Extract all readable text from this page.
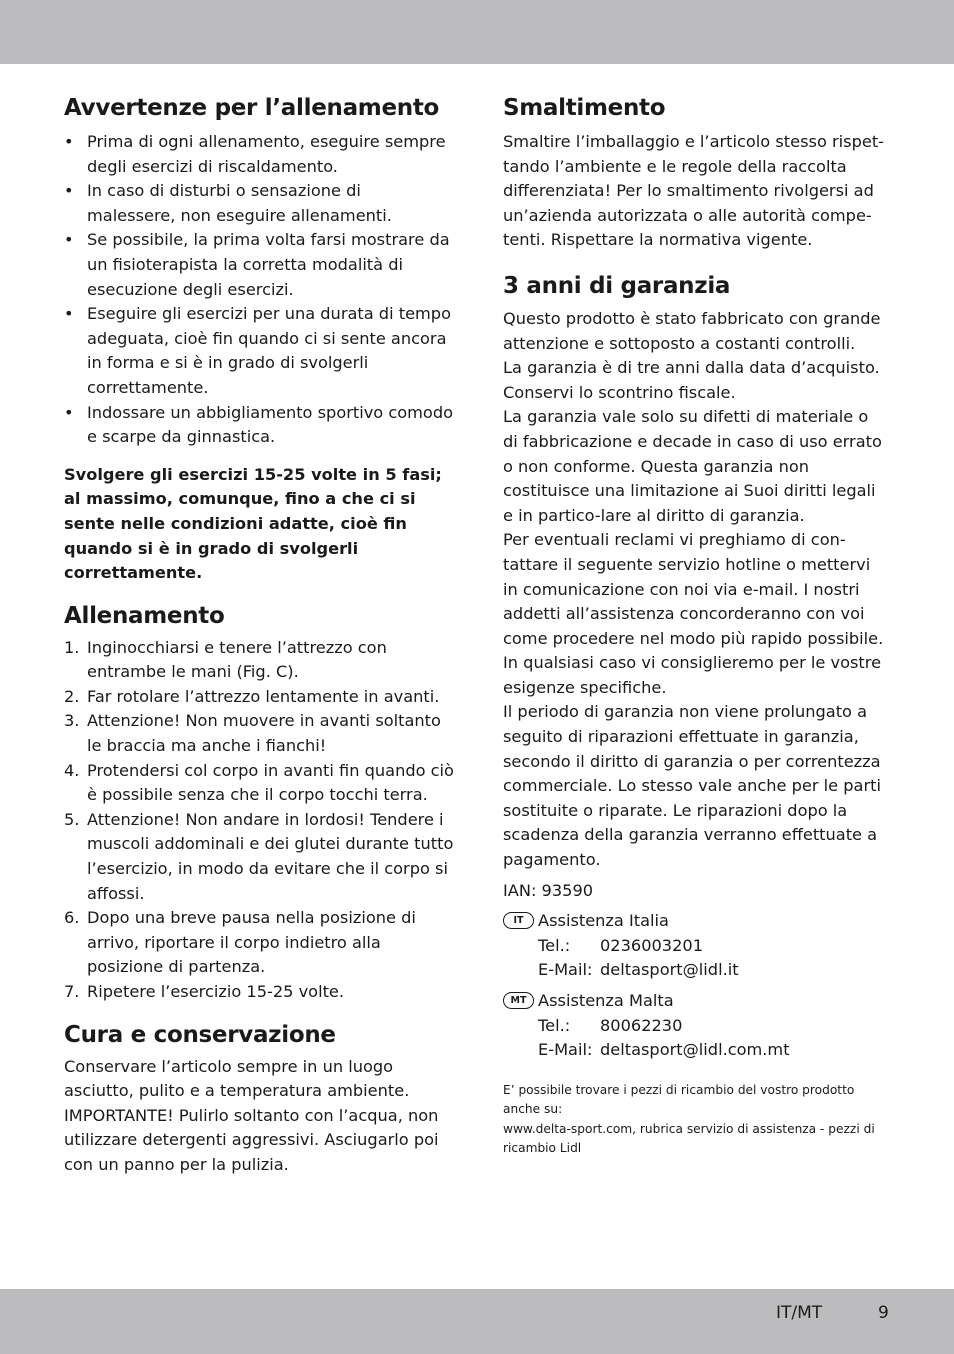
Avvertenze per l’allenamento
• Prima di ogni allenamento, eseguire sempre degli esercizi di riscaldamento.
• In caso di disturbi o sensazione di malessere, non eseguire allenamenti.
• Se possibile, la prima volta farsi mostrare da un fisioterapista la corretta modalità di esecuzione degli esercizi.
• Eseguire gli esercizi per una durata di tempo adeguata, cioè fin quando ci si sente ancora in forma e si è in grado di svolgerli correttamente.
• Indossare un abbigliamento sportivo comodo e scarpe da ginnastica.

Svolgere gli esercizi 15-25 volte in 5 fasi; al massimo, comunque, fino a che ci si sente nelle condizioni adatte, cioè fin quando si è in grado di svolgerli correttamente.

Allenamento
1. Inginocchiarsi e tenere l’attrezzo con entrambe le mani (Fig. C).
2. Far rotolare l’attrezzo lentamente in avanti.
3. Attenzione! Non muovere in avanti soltanto le braccia ma anche i fianchi!
4. Protendersi col corpo in avanti fin quando ciò è possibile senza che il corpo tocchi terra.
5. Attenzione! Non andare in lordosi! Tendere i muscoli addominali e dei glutei durante tutto l’esercizio, in modo da evitare che il corpo si affossi.
6. Dopo una breve pausa nella posizione di arrivo, riportare il corpo indietro alla posizione di partenza.
7. Ripetere l’esercizio 15-25 volte.
Cura e conservazione

Conservare l’articolo sempre in un luogo asciutto, pulito e a temperatura ambiente. IMPORTANTE! Pulirlo soltanto con l’acqua, non utilizzare detergenti aggressivi. Asciugarlo poi con un panno per la pulizia.

Smaltimento

Smaltire l’imballaggio e l’articolo stesso rispet-tando l’ambiente e le regole della raccolta differenziata! Per lo smaltimento rivolgersi ad un’azienda autorizzata o alle autorità compe-tenti. Rispettare la normativa vigente.

3 anni di garanzia

Questo prodotto è stato fabbricato con grande attenzione e sottoposto a costanti controlli.

La garanzia è di tre anni dalla data d’acquisto. Conservi lo scontrino fiscale.

La garanzia vale solo su difetti di materiale o di fabbricazione e decade in caso di uso errato o non conforme. Questa garanzia non costituisce una limitazione ai Suoi diritti legali e in partico-lare al diritto di garanzia.

Per eventuali reclami vi preghiamo di con-tattare il seguente servizio hotline o mettervi in comunicazione con noi via e-mail. I nostri addetti all’assistenza concorderanno con voi come procedere nel modo più rapido possibile. In qualsiasi caso vi consiglieremo per le vostre esigenze specifiche.

Il periodo di garanzia non viene prolungato a seguito di riparazioni effettuate in garanzia, secondo il diritto di garanzia o per correntezza commerciale. Lo stesso vale anche per le parti sostituite o riparate. Le riparazioni dopo la scadenza della garanzia verranno effettuate a pagamento.

IAN: 93590

IT Assistenza Italia
Tel.:	0236003201
E-Mail: deltasport@lidl.it
MT Assistenza Malta
Tel.:	80062230
E-Mail: deltasport@lidl.com.mt

E’ possibile trovare i pezzi di ricambio del vostro prodotto anche su:

www.delta-sport.com, rubrica servizio di assistenza - pezzi di ricambio Lidl

IT/MT	9
